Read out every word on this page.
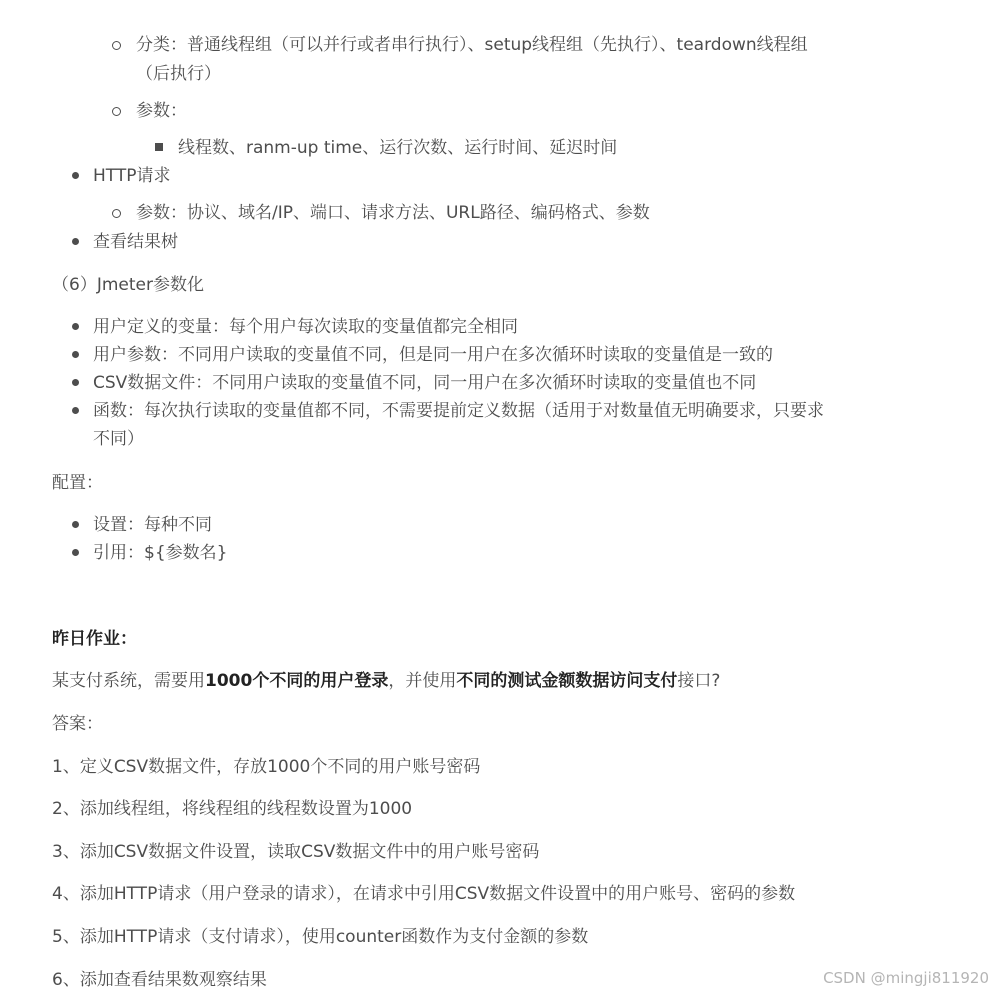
分类：普通线程组（可以并行或者串行执行）、setup线程组（先执行）、teardown线程组
（后执行）
参数：
线程数、ranm-up time、运行次数、运行时间、延迟时间
HTTP请求
参数：协议、域名/IP、端口、请求方法、URL路径、编码格式、参数
查看结果树
（6）Jmeter参数化
用户定义的变量：每个用户每次读取的变量值都完全相同
用户参数：不同用户读取的变量值不同，但是同一用户在多次循环时读取的变量值是一致的
CSV数据文件：不同用户读取的变量值不同，同一用户在多次循环时读取的变量值也不同
函数：每次执行读取的变量值都不同，不需要提前定义数据（适用于对数量值无明确要求，只要求
不同）
配置：
设置：每种不同
引用：${参数名}
昨日作业：
某支付系统，需要用1000个不同的用户登录，并使用不同的测试金额数据访问支付接口?
答案：
1、定义CSV数据文件，存放1000个不同的用户账号密码
2、添加线程组，将线程组的线程数设置为1000
3、添加CSV数据文件设置，读取CSV数据文件中的用户账号密码
4、添加HTTP请求（用户登录的请求），在请求中引用CSV数据文件设置中的用户账号、密码的参数
5、添加HTTP请求（支付请求），使用counter函数作为支付金额的参数
6、添加查看结果数观察结果	CSDN @mingji811920
